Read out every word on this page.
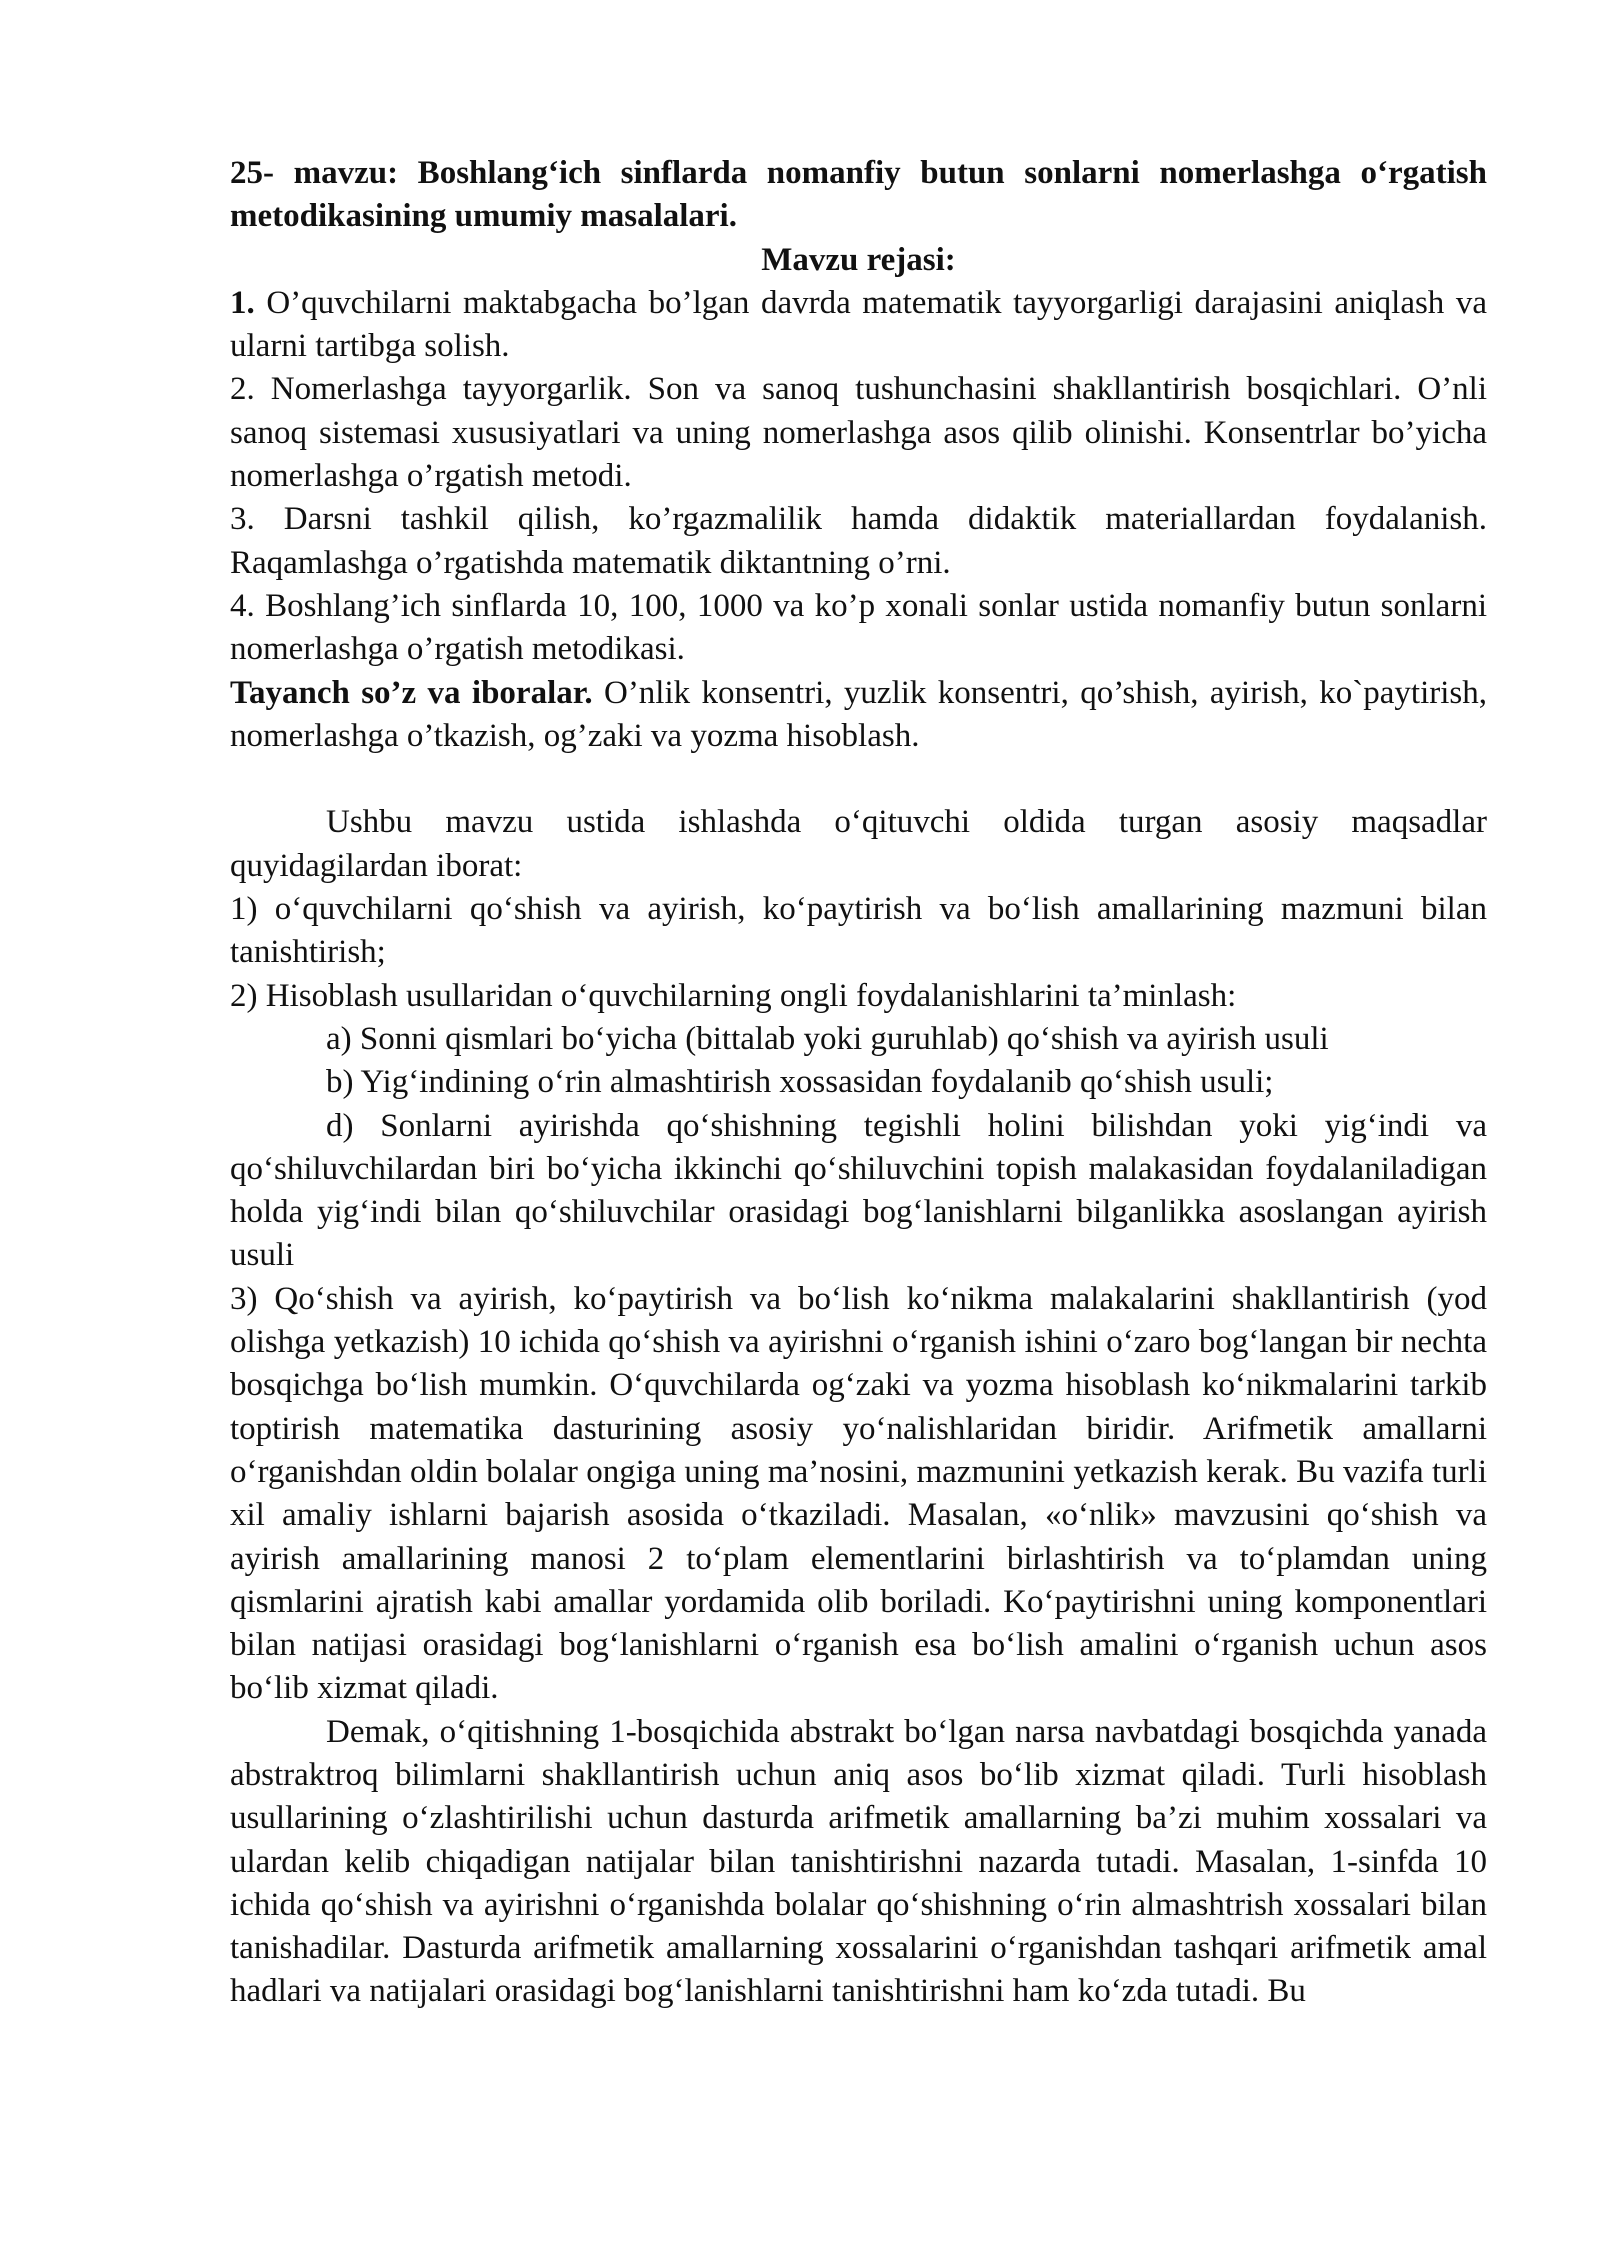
25- mavzu: Boshlang‘ich sinflarda nomanfiy butun sonlarni nomerlashga o‘rgatish metodikasining umumiy masalalari.

Mavzu rejasi:

1. O’quvchilarni maktabgacha bo’lgan davrda matematik tayyorgarligi darajasini aniqlash va ularni tartibga solish.

2. Nomerlashga tayyorgarlik. Son va sanoq tushunchasini shakllantirish bosqichlari. O’nli sanoq sistemasi xususiyatlari va uning nomerlashga asos qilib olinishi. Konsentrlar bo’yicha nomerlashga o’rgatish metodi.

3. Darsni tashkil qilish, ko’rgazmalilik hamda didaktik materiallardan foydalanish. Raqamlashga o’rgatishda matematik diktantning o’rni.

4. Boshlang’ich sinflarda 10, 100, 1000 va ko’p xonali sonlar ustida nomanfiy butun sonlarni nomerlashga o’rgatish metodikasi.

Tayanch so’z va iboralar. O’nlik konsentri, yuzlik konsentri, qo’shish, ayirish, ko`paytirish, nomerlashga o’tkazish, og’zaki va yozma hisoblash.

Ushbu mavzu ustida ishlashda o‘qituvchi oldida turgan asosiy maqsadlar quyidagilardan iborat:

1) o‘quvchilarni qo‘shish va ayirish, ko‘paytirish va bo‘lish amallarining mazmuni bilan tanishtirish;

2) Hisoblash usullaridan o‘quvchilarning ongli foydalanishlarini ta’minlash:

a) Sonni qismlari bo‘yicha (bittalab yoki guruhlab) qo‘shish va ayirish usuli

b) Yig‘indining o‘rin almashtirish xossasidan foydalanib qo‘shish usuli;

d) Sonlarni ayirishda qo‘shishning tegishli holini bilishdan yoki yig‘indi va qo‘shiluvchilardan biri bo‘yicha ikkinchi qo‘shiluvchini topish malakasidan foydalaniladigan holda yig‘indi bilan qo‘shiluvchilar orasidagi bog‘lanishlarni bilganlikka asoslangan ayirish usuli

3) Qo‘shish va ayirish, ko‘paytirish va bo‘lish ko‘nikma malakalarini shakllantirish (yod olishga yetkazish) 10 ichida qo‘shish va ayirishni o‘rganish ishini o‘zaro bog‘langan bir nechta bosqichga bo‘lish mumkin. O‘quvchilarda og‘zaki va yozma hisoblash ko‘nikmalarini tarkib toptirish matematika dasturining asosiy yo‘nalishlaridan biridir. Arifmetik amallarni o‘rganishdan oldin bolalar ongiga uning ma’nosini, mazmunini yetkazish kerak. Bu vazifa turli xil amaliy ishlarni bajarish asosida o‘tkaziladi. Masalan, «o‘nlik» mavzusini qo‘shish va ayirish amallarining manosi 2 to‘plam elementlarini birlashtirish va to‘plamdan uning qismlarini ajratish kabi amallar yordamida olib boriladi. Ko‘paytirishni uning komponentlari bilan natijasi orasidagi bog‘lanishlarni o‘rganish esa bo‘lish amalini o‘rganish uchun asos bo‘lib xizmat qiladi.

Demak, o‘qitishning 1-bosqichida abstrakt bo‘lgan narsa navbatdagi bosqichda yanada abstraktroq bilimlarni shakllantirish uchun aniq asos bo‘lib xizmat qiladi. Turli hisoblash usullarining o‘zlashtirilishi uchun dasturda arifmetik amallarning ba’zi muhim xossalari va ulardan kelib chiqadigan natijalar bilan tanishtirishni nazarda tutadi. Masalan, 1-sinfda 10 ichida qo‘shish va ayirishni o‘rganishda bolalar qo‘shishning o‘rin almashtrish xossalari bilan tanishadilar. Dasturda arifmetik amallarning xossalarini o‘rganishdan tashqari arifmetik amal hadlari va natijalari orasidagi bog‘lanishlarni tanishtirishni ham ko‘zda tutadi. Bu
